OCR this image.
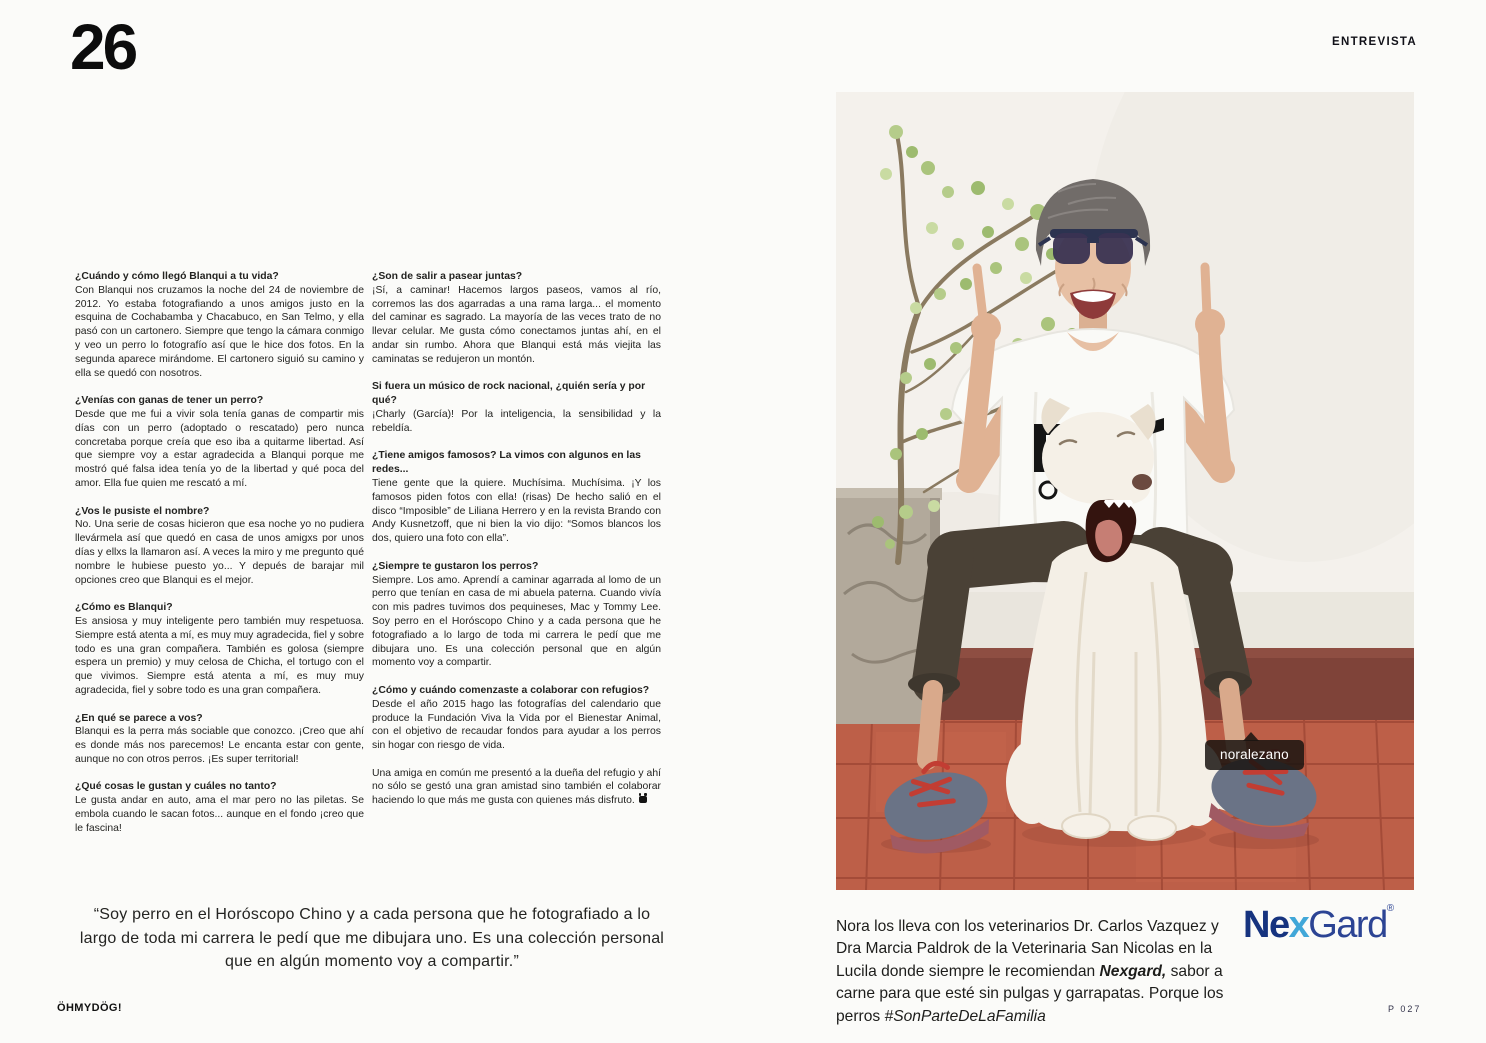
26

¿Cuándo y cómo llegó Blanqui a tu vida?

Con Blanqui nos cruzamos la noche del 24 de noviembre de 2012. Yo estaba fotografiando a unos amigos justo en la esquina de Cochabamba y Chacabuco, en San Telmo, y ella pasó con un cartonero. Siempre que tengo la cámara conmigo y veo un perro lo fotografío así que le hice dos fotos. En la segunda aparece mirándome. El cartonero siguió su camino y ella se quedó con nosotros.

¿Venías con ganas de tener un perro?

Desde que me fui a vivir sola tenía ganas de compartir mis días con un perro (adoptado o rescatado) pero nunca concretaba porque creía que eso iba a quitarme libertad. Así que siempre voy a estar agradecida a Blanqui porque me mostró qué falsa idea tenía yo de la libertad y qué poca del amor. Ella fue quien me rescató a mí.

¿Vos le pusiste el nombre?

No. Una serie de cosas hicieron que esa noche yo no pudiera llevármela así que quedó en casa de unos amigxs por unos días y ellxs la llamaron así. A veces la miro y me pregunto qué nombre le hubiese puesto yo... Y depués de barajar mil opciones creo que Blanqui es el mejor.

¿Cómo es Blanqui?

Es ansiosa y muy inteligente pero también muy respetuosa. Siempre está atenta a mí, es muy muy agradecida, fiel y sobre todo es una gran compañera. También es golosa (siempre espera un premio) y muy celosa de Chicha, el tortugo con el que vivimos. Siempre está atenta a mí, es muy muy agradecida, fiel y sobre todo es una gran compañera.

¿En qué se parece a vos?

Blanqui es la perra más sociable que conozco. ¡Creo que ahí es donde más nos parecemos! Le encanta estar con gente, aunque no con otros perros. ¡Es super territorial!

¿Qué cosas le gustan y cuáles no tanto?

Le gusta andar en auto, ama el mar pero no las piletas. Se embola cuando le sacan fotos... aunque en el fondo ¡creo que le fascina!

¿Son de salir a pasear juntas?

¡Sí, a caminar! Hacemos largos paseos, vamos al río, corremos las dos agarradas a una rama larga... el momento del caminar es sagrado. La mayoría de las veces trato de no llevar celular. Me gusta cómo conectamos juntas ahí, en el andar sin rumbo. Ahora que Blanqui está más viejita las caminatas se redujeron un montón.

Si fuera un músico de rock nacional, ¿quién sería y por qué?

¡Charly (García)! Por la inteligencia, la sensibilidad y la rebeldía.

¿Tiene amigos famosos? La vimos con algunos en las redes...

Tiene gente que la quiere. Muchísima. Muchísima. ¡Y los famosos piden fotos con ella! (risas) De hecho salió en el disco “Imposible” de Liliana Herrero y en la revista Brando con Andy Kusnetzoff, que ni bien la vio dijo: “Somos blancos los dos, quiero una foto con ella”.

¿Siempre te gustaron los perros?

Siempre. Los amo. Aprendí a caminar agarrada al lomo de un perro que tenían en casa de mi abuela paterna. Cuando vivía con mis padres tuvimos dos pequineses, Mac y Tommy Lee. Soy perro en el Horóscopo Chino y a cada persona que he fotografiado a lo largo de toda mi carrera le pedí que me dibujara uno. Es una colección personal que en algún momento voy a compartir.

¿Cómo y cuándo comenzaste a colaborar con refugios?

Desde el año 2015 hago las fotografías del calendario que produce la Fundación Viva la Vida por el Bienestar Animal, con el objetivo de recaudar fondos para ayudar a los perros sin hogar con riesgo de vida.

Una amiga en común me presentó a la dueña del refugio y ahí no sólo se gestó una gran amistad sino también el colaborar haciendo lo que más me gusta con quienes más disfruto.

“Soy perro en el Horóscopo Chino y a cada persona que he fotografiado a lo largo de toda mi carrera le pedí que me dibujara uno. Es una colección personal que en algún momento voy a compartir.”
ÖHMYDÖG!
ENTREVISTA
noralezano

Nora los lleva con los veterinarios Dr. Carlos Vazquez y Dra Marcia Paldrok de la Veterinaria San Nicolas en la Lucila donde siempre le recomiendan Nexgard, sabor a carne para que esté sin pulgas y garrapatas. Porque los perros #SonParteDeLaFamilia

NexGard®
P 027
